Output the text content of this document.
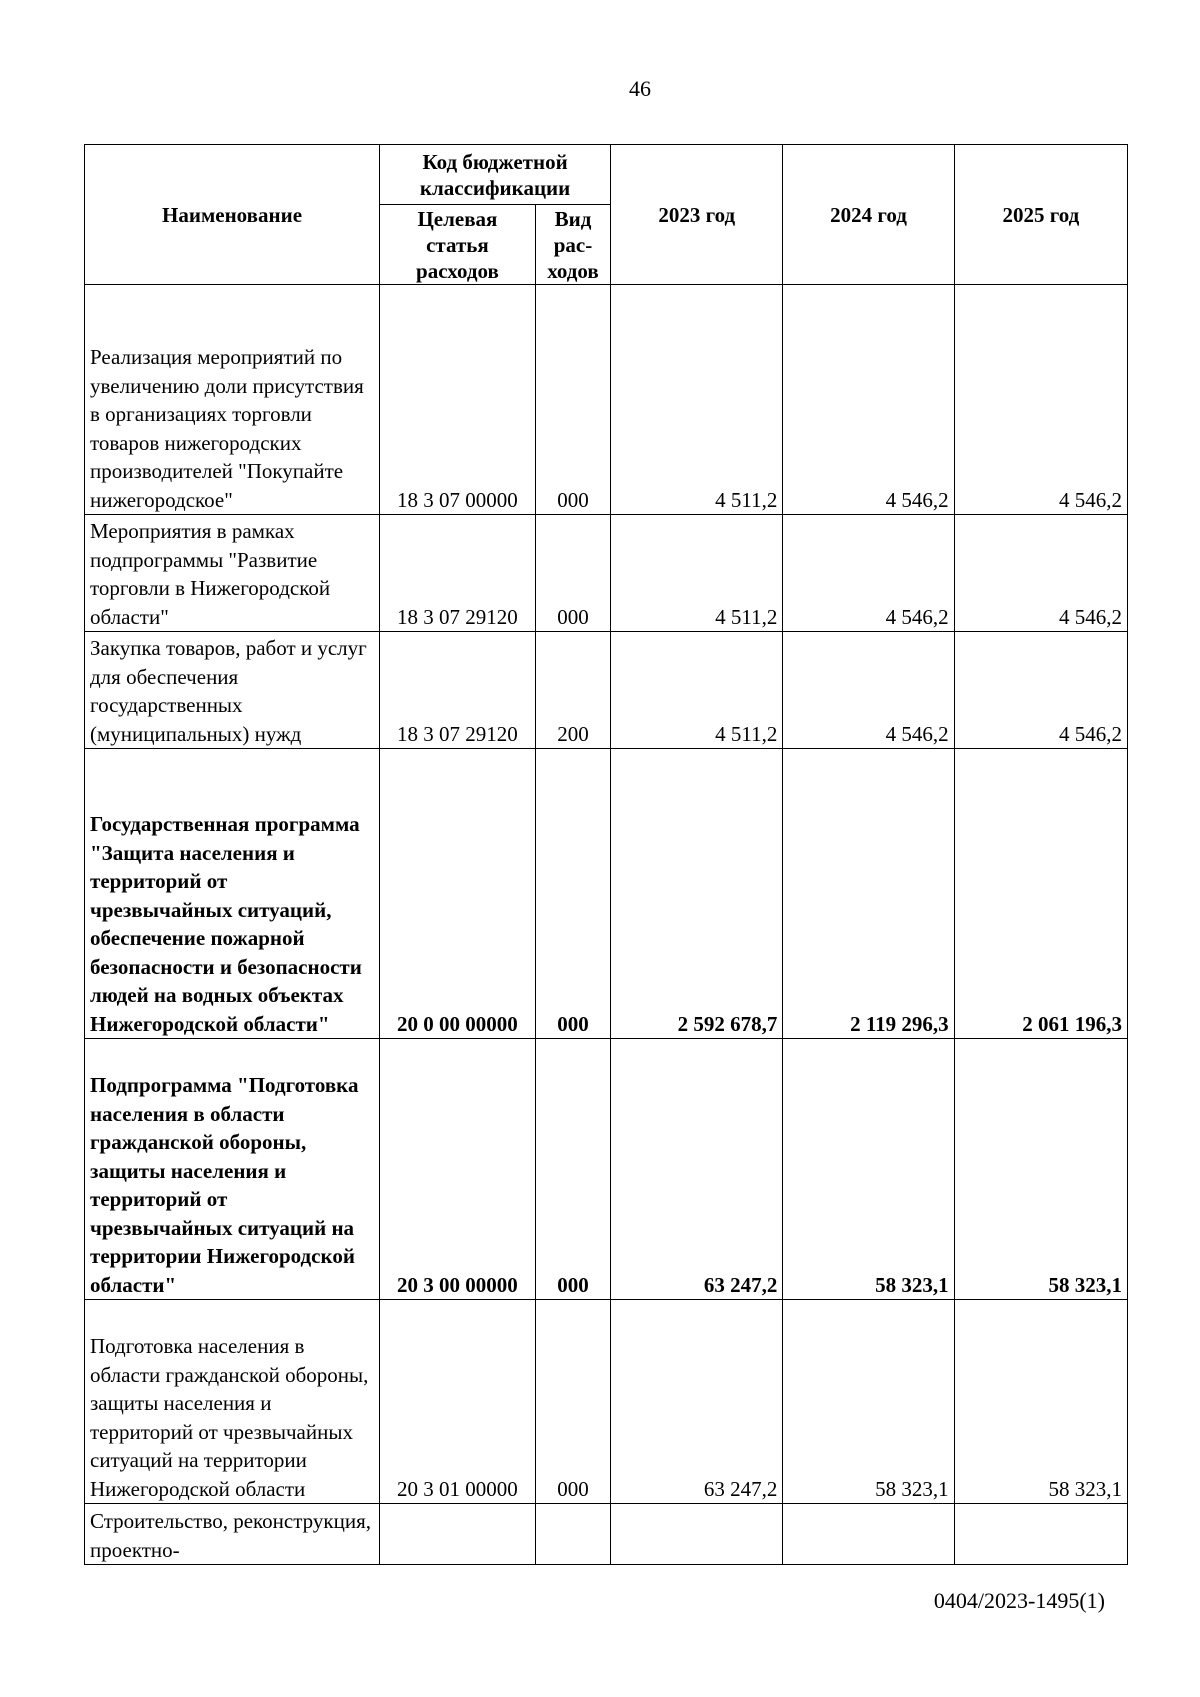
46
Наименование	Код бюджетной классификации		2023 год	2024 год	2025 год
	Целевая статья расходов	Вид рас-ходов			
Реализация мероприятий по увеличению доли присутствия в организациях торговли товаров нижегородских производителей "Покупайте нижегородское"	18 3 07 00000	000	4 511,2	4 546,2	4 546,2
Мероприятия в рамках подпрограммы "Развитие торговли в Нижегородской области"	18 3 07 29120	000	4 511,2	4 546,2	4 546,2
Закупка товаров, работ и услуг для обеспечения государственных (муниципальных) нужд	18 3 07 29120	200	4 511,2	4 546,2	4 546,2
Государственная программа "Защита населения и территорий от чрезвычайных ситуаций, обеспечение пожарной безопасности и безопасности людей на водных объектах Нижегородской области"	20 0 00 00000	000	2 592 678,7	2 119 296,3	2 061 196,3
Подпрограмма "Подготовка населения в области гражданской обороны, защиты населения и территорий от чрезвычайных ситуаций на территории Нижегородской области"	20 3 00 00000	000	63 247,2	58 323,1	58 323,1
Подготовка населения в области гражданской обороны, защиты населения и территорий от чрезвычайных ситуаций на территории Нижегородской области	20 3 01 00000	000	63 247,2	58 323,1	58 323,1
Строительство, реконструкция, проектно-					
0404/2023-1495(1)
